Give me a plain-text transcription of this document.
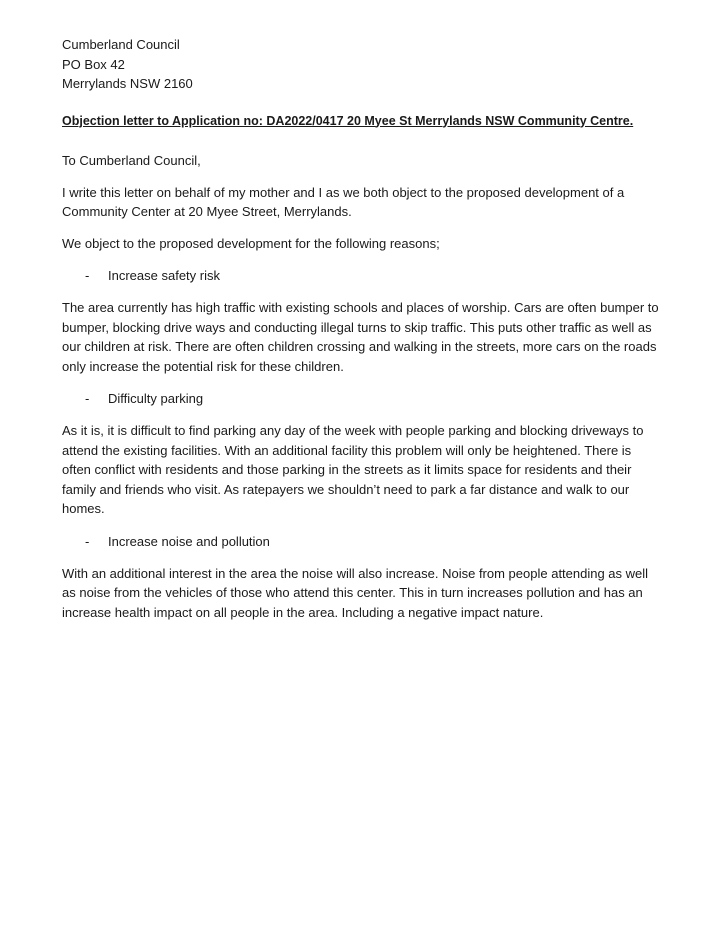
Cumberland Council
PO Box 42
Merrylands NSW 2160
Objection letter to Application no: DA2022/0417 20 Myee St Merrylands NSW Community Centre.

To Cumberland Council,

I write this letter on behalf of my mother and I as we both object to the proposed development of a Community Center at 20 Myee Street, Merrylands.

We object to the proposed development for the following reasons;

- Increase safety risk

The area currently has high traffic with existing schools and places of worship. Cars are often bumper to bumper, blocking drive ways and conducting illegal turns to skip traffic. This puts other traffic as well as our children at risk. There are often children crossing and walking in the streets, more cars on the roads only increase the potential risk for these children.

- Difficulty parking

As it is, it is difficult to find parking any day of the week with people parking and blocking driveways to attend the existing facilities. With an additional facility this problem will only be heightened. There is often conflict with residents and those parking in the streets as it limits space for residents and their family and friends who visit. As ratepayers we shouldn’t need to park a far distance and walk to our homes.

- Increase noise and pollution

With an additional interest in the area the noise will also increase. Noise from people attending as well as noise from the vehicles of those who attend this center. This in turn increases pollution and has an increase health impact on all people in the area. Including a negative impact nature.
